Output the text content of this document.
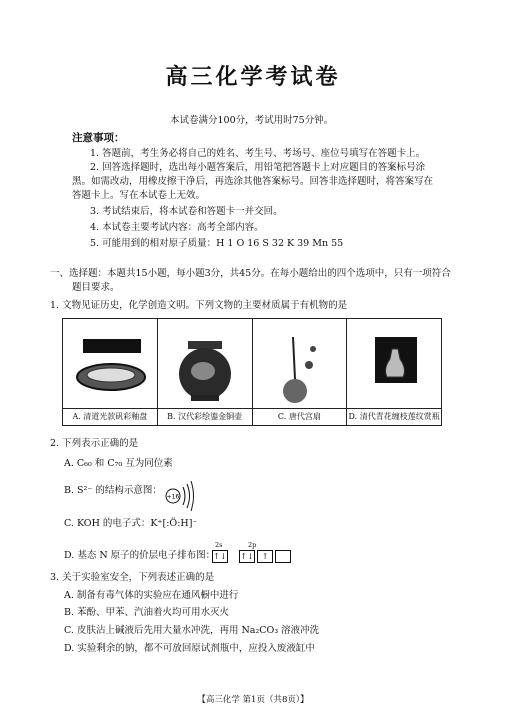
高三化学考试卷
本试卷满分100分，考试用时75分钟。
注意事项：
1. 答题前，考生务必将自己的姓名、考生号、考场号、座位号填写在答题卡上。
2. 回答选择题时，选出每小题答案后，用铅笔把答题卡上对应题目的答案标号涂
黑。如需改动，用橡皮擦干净后，再选涂其他答案标号。回答非选择题时，将答案写在
答题卡上。写在本试卷上无效。
3. 考试结束后，将本试卷和答题卡一并交回。
4. 本试卷主要考试内容：高考全部内容。
5. 可能用到的相对原子质量：H 1 O 16 S 32 K 39 Mn 55
一、选择题：本题共15小题，每小题3分，共45分。在每小题给出的四个选项中，只有一项符合
题目要求。
1. 文物见证历史，化学创造文明。下列文物的主要材质属于有机物的是
A. 清道光款矾彩釉盘	B. 汉代彩绘鎏金铜壶	C. 唐代宫扇	D. 清代青花缠枝莲纹赏瓶
2. 下列表示正确的是
A. C₆₀ 和 C₇₀ 互为同位素
B. S²⁻ 的结构示意图：
+16
C. KOH 的电子式：K⁺[:Ö:H]⁻
D. 基态 N 原子的价层电子排布图：
2s	2p
↑↓ ↑↓ ↑
3. 关于实验室安全，下列表述正确的是
A. 制备有毒气体的实验应在通风橱中进行
B. 苯酚、甲苯、汽油着火均可用水灭火
C. 皮肤沾上碱液后先用大量水冲洗，再用 Na₂CO₃ 溶液冲洗
D. 实验剩余的钠，都不可放回原试剂瓶中，应投入废液缸中
【高三化学 第1页（共8页）】
